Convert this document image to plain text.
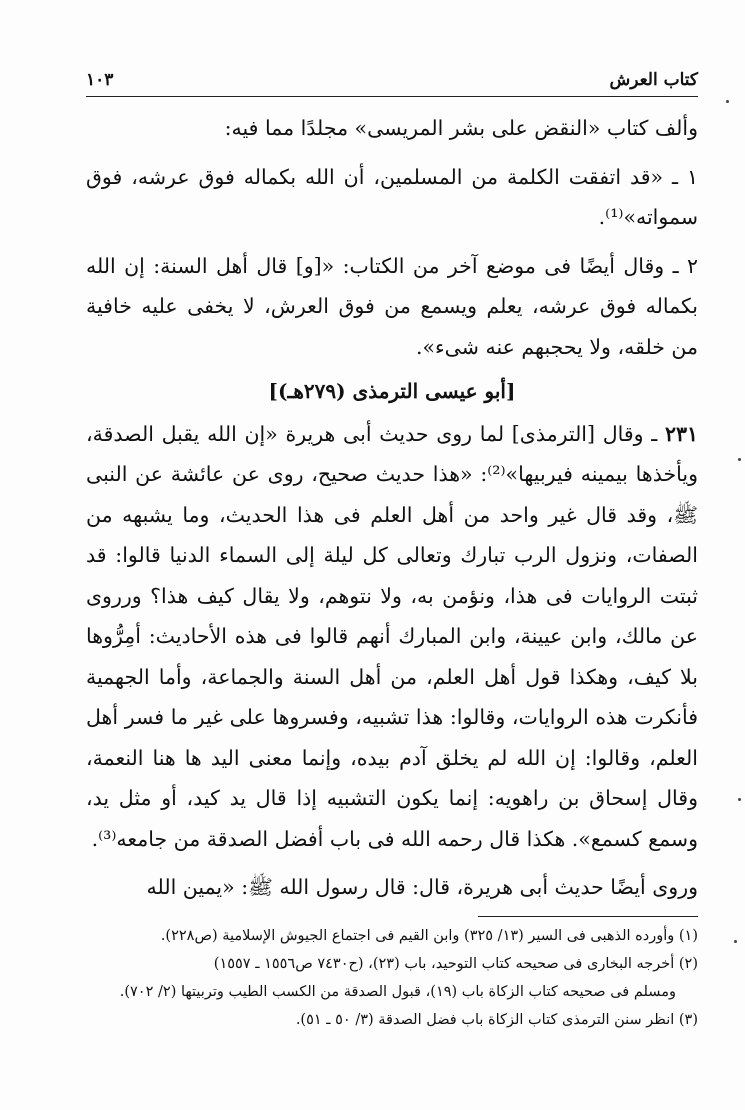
كتاب العرش
١٠٣

وألف كتاب «النقض على بشر المريسى» مجلدًا مما فيه:

١ ـ «قد اتفقت الكلمة من المسلمين، أن الله بكماله فوق عرشه، فوق سمواته»⁽¹⁾.

٢ ـ وقال أيضًا فى موضع آخر من الكتاب: «[و] قال أهل السنة: إن الله بكماله فوق عرشه، يعلم ويسمع من فوق العرش، لا يخفى عليه خافية من خلقه، ولا يحجبهم عنه شىء».

[أبو عيسى الترمذى (٢٧٩هـ)]

٢٣١ ـ وقال [الترمذى] لما روى حديث أبى هريرة «إن الله يقبل الصدقة، ويأخذها بيمينه فيربيها»⁽²⁾: «هذا حديث صحيح، روى عن عائشة عن النبى ﷺ، وقد قال غير واحد من أهل العلم فى هذا الحديث، وما يشبهه من الصفات، ونزول الرب تبارك وتعالى كل ليلة إلى السماء الدنيا قالوا: قد ثبتت الروايات فى هذا، ونؤمن به، ولا نتوهم، ولا يقال كيف هذا؟ ورروى عن مالك، وابن عيينة، وابن المبارك أنهم قالوا فى هذه الأحاديث: أمِرُّوها بلا كيف، وهكذا قول أهل العلم، من أهل السنة والجماعة، وأما الجهمية فأنكرت هذه الروايات، وقالوا: هذا تشبيه، وفسروها على غير ما فسر أهل العلم، وقالوا: إن الله لم يخلق آدم بيده، وإنما معنى اليد ها هنا النعمة، وقال إسحاق بن راهويه: إنما يكون التشبيه إذا قال يد كيد، أو مثل يد، وسمع كسمع». هكذا قال رحمه الله فى باب أفضل الصدقة من جامعه⁽³⁾.

وروى أيضًا حديث أبى هريرة، قال: قال رسول الله ﷺ: «يمين الله

(١) وأورده الذهبى فى السير (١٣/ ٣٢٥) وابن القيم فى اجتماع الجيوش الإسلامية (ص٢٢٨).

(٢) أخرجه البخارى فى صحيحه كتاب التوحيد، باب (٢٣)، (ح٧٤٣٠ ص١٥٥٦ ـ ١٥٥٧)

ومسلم فى صحيحه كتاب الزكاة باب (١٩)، قبول الصدقة من الكسب الطيب وتربيتها (٢/ ٧٠٢).

(٣) انظر سنن الترمذى كتاب الزكاة باب فضل الصدقة (٣/ ٥٠ ـ ٥١).
